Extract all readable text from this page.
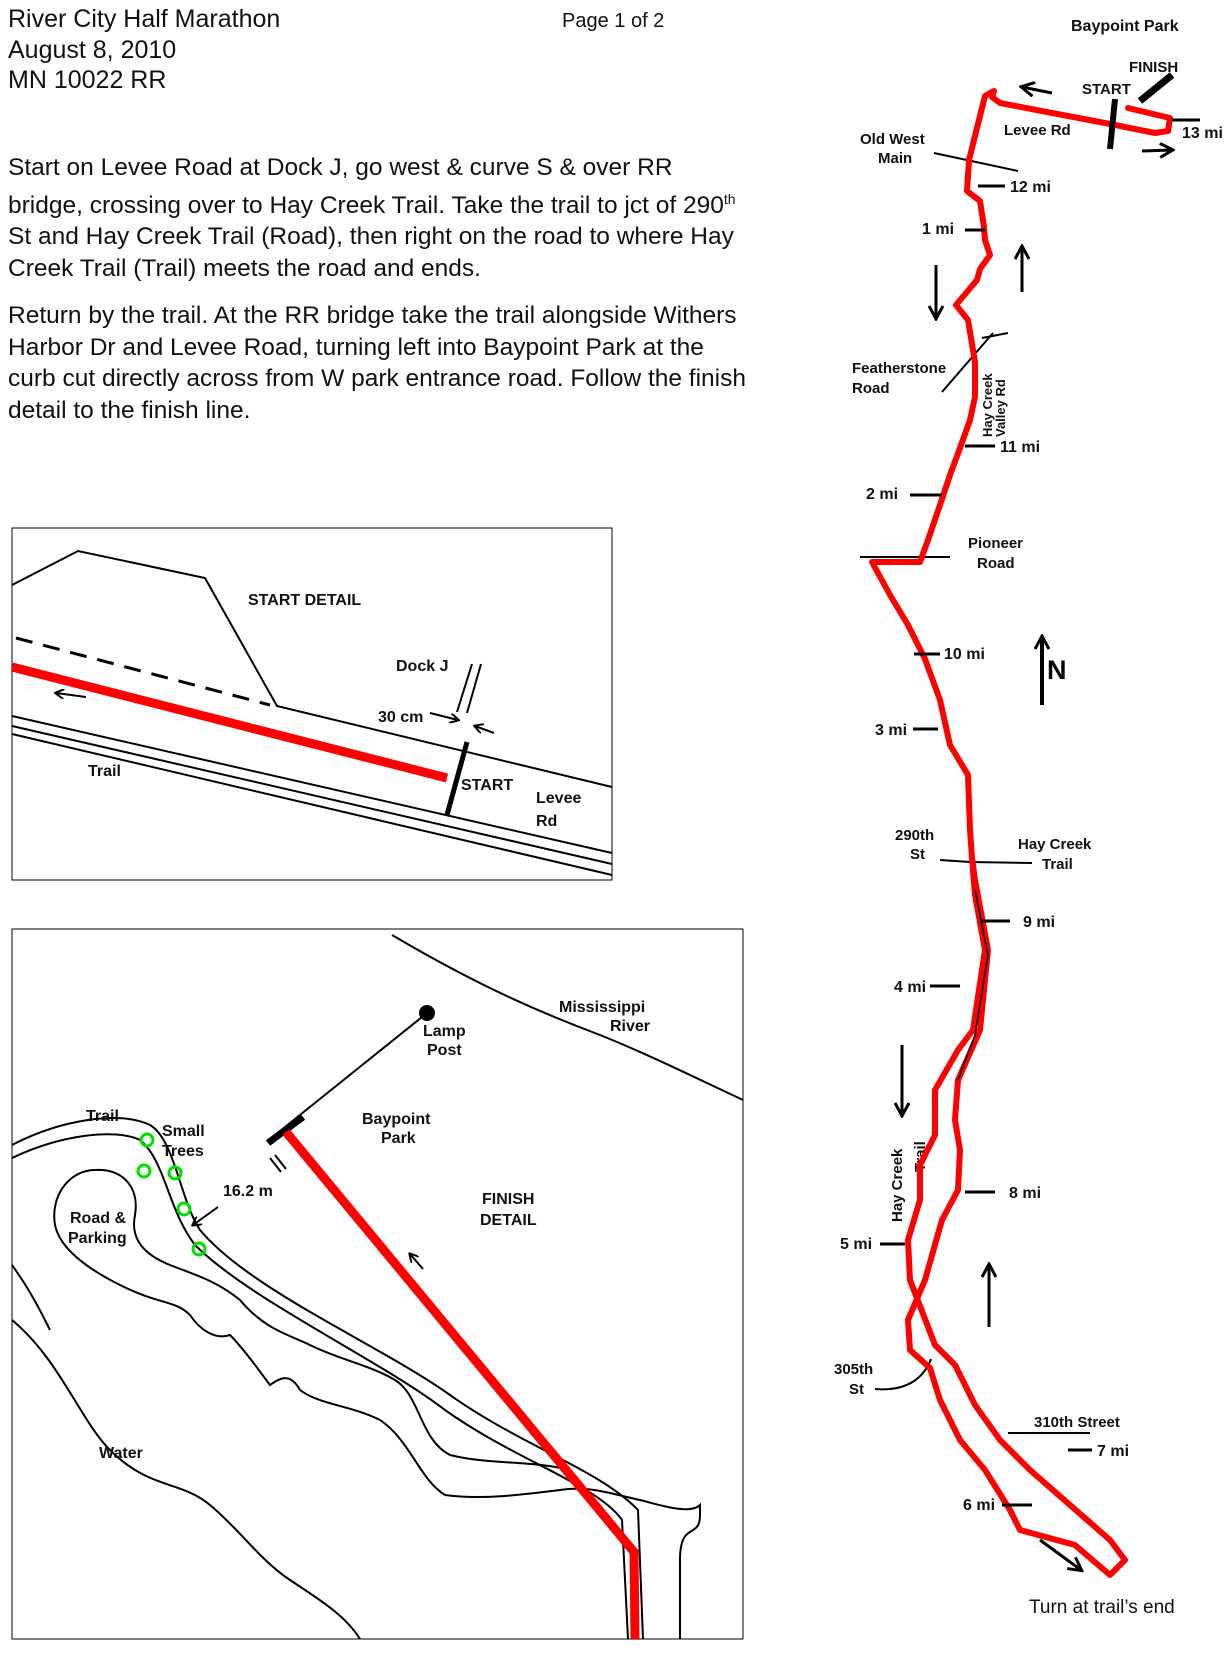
River City Half Marathon
August 8, 2010
MN 10022 RR
Page 1 of 2

Start on Levee Road at Dock J, go west & curve S & over RR bridge, crossing over to Hay Creek Trail. Take the trail to jct of 290th St and Hay Creek Trail (Road), then right on the road to where Hay Creek Trail (Trail) meets the road and ends.

Return by the trail. At the RR bridge take the trail alongside Withers Harbor Dr and Levee Road, turning left into Baypoint Park at the curb cut directly across from W park entrance road. Follow the finish detail to the finish line.

START DETAIL
Dock J
30 cm
START
Levee
Rd
Trail
Mississippi
River
Lamp
Post
Baypoint
Park
FINISH
DETAIL
Trail
Small
Trees
16.2 m
Road &
Parking
Water
Baypoint Park
FINISH
START
Levee Rd
Old West
Main
Featherstone
Road	Hay Creek
Valley Rd
Pioneer
Road
290th
St
Hay Creek
Trail
Hay Creek Trail
305th
St
310th Street
Turn at trail’s end
N
1 mi
2 mi
3 mi
4 mi
5 mi
6 mi
7 mi
8 mi
9 mi
10 mi
11 mi
12 mi
13 mi
